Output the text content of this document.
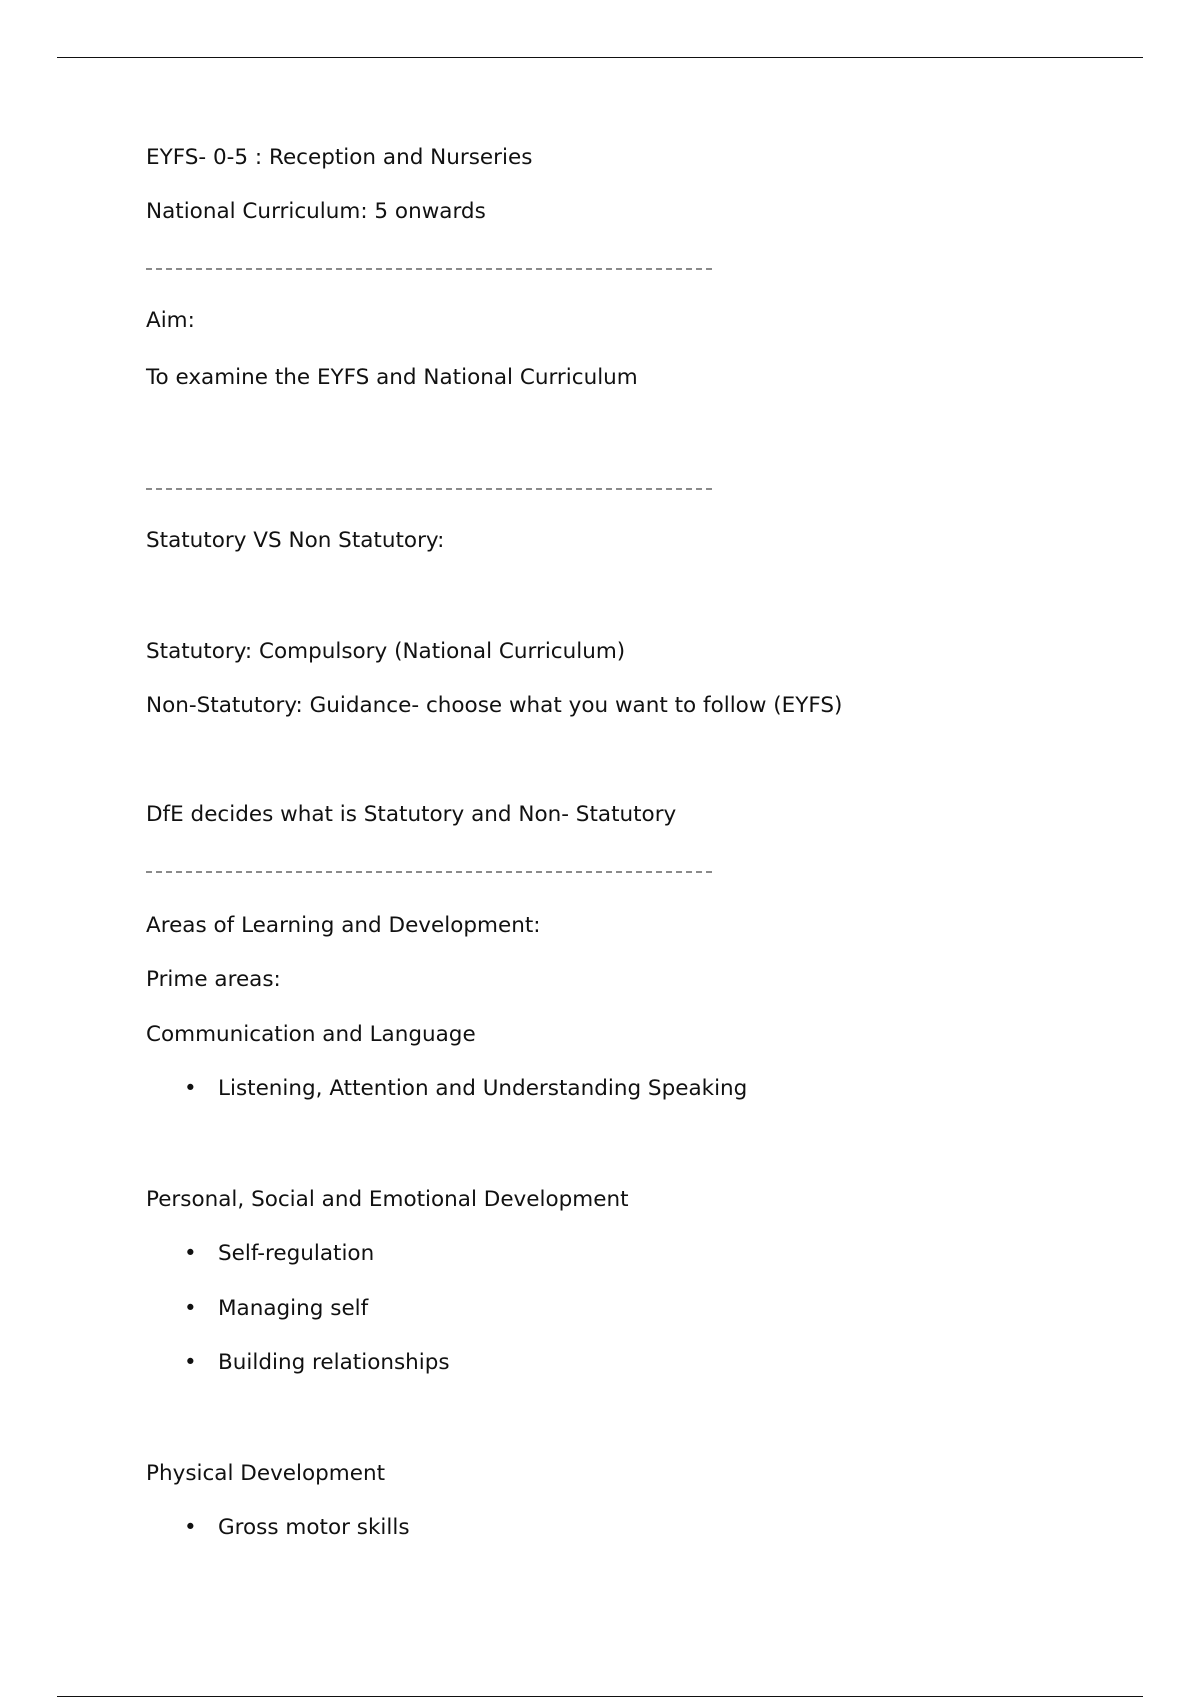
EYFS- 0-5 : Reception and Nurseries
National Curriculum: 5 onwards
Aim:
To examine the EYFS and National Curriculum
Statutory VS Non Statutory:
Statutory: Compulsory (National Curriculum)
Non-Statutory: Guidance- choose what you want to follow (EYFS)
DfE decides what is Statutory and Non- Statutory
Areas of Learning and Development:
Prime areas:
Communication and Language
• Listening, Attention and Understanding Speaking
Personal, Social and Emotional Development
• Self-regulation
• Managing self
• Building relationships
Physical Development
• Gross motor skills
